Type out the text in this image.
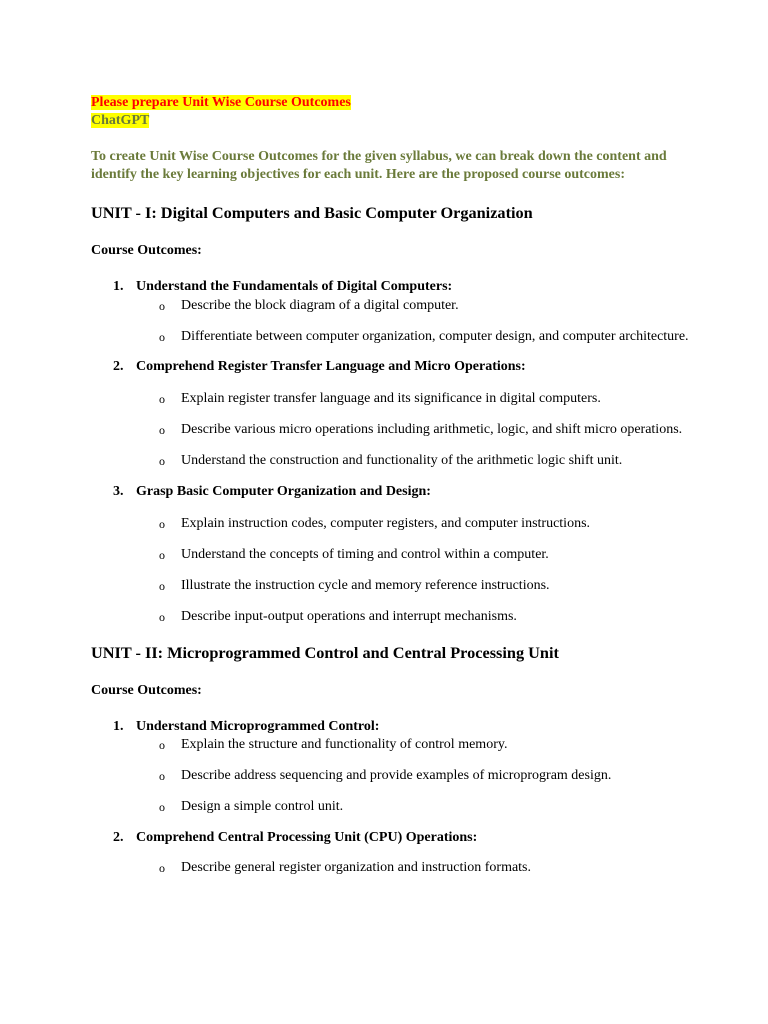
Please prepare Unit Wise Course Outcomes
ChatGPT

To create Unit Wise Course Outcomes for the given syllabus, we can break down the content and identify the key learning objectives for each unit. Here are the proposed course outcomes:

UNIT - I: Digital Computers and Basic Computer Organization

Course Outcomes:

1. Understand the Fundamentals of Digital Computers:
o Describe the block diagram of a digital computer.
o Differentiate between computer organization, computer design, and computer architecture.
2. Comprehend Register Transfer Language and Micro Operations:
o Explain register transfer language and its significance in digital computers.
o Describe various micro operations including arithmetic, logic, and shift micro operations.
o Understand the construction and functionality of the arithmetic logic shift unit.
3. Grasp Basic Computer Organization and Design:
o Explain instruction codes, computer registers, and computer instructions.
o Understand the concepts of timing and control within a computer.
o Illustrate the instruction cycle and memory reference instructions.
o Describe input-output operations and interrupt mechanisms.
UNIT - II: Microprogrammed Control and Central Processing Unit

Course Outcomes:

1. Understand Microprogrammed Control:
o Explain the structure and functionality of control memory.
o Describe address sequencing and provide examples of microprogram design.
o Design a simple control unit.
2. Comprehend Central Processing Unit (CPU) Operations:
o Describe general register organization and instruction formats.
